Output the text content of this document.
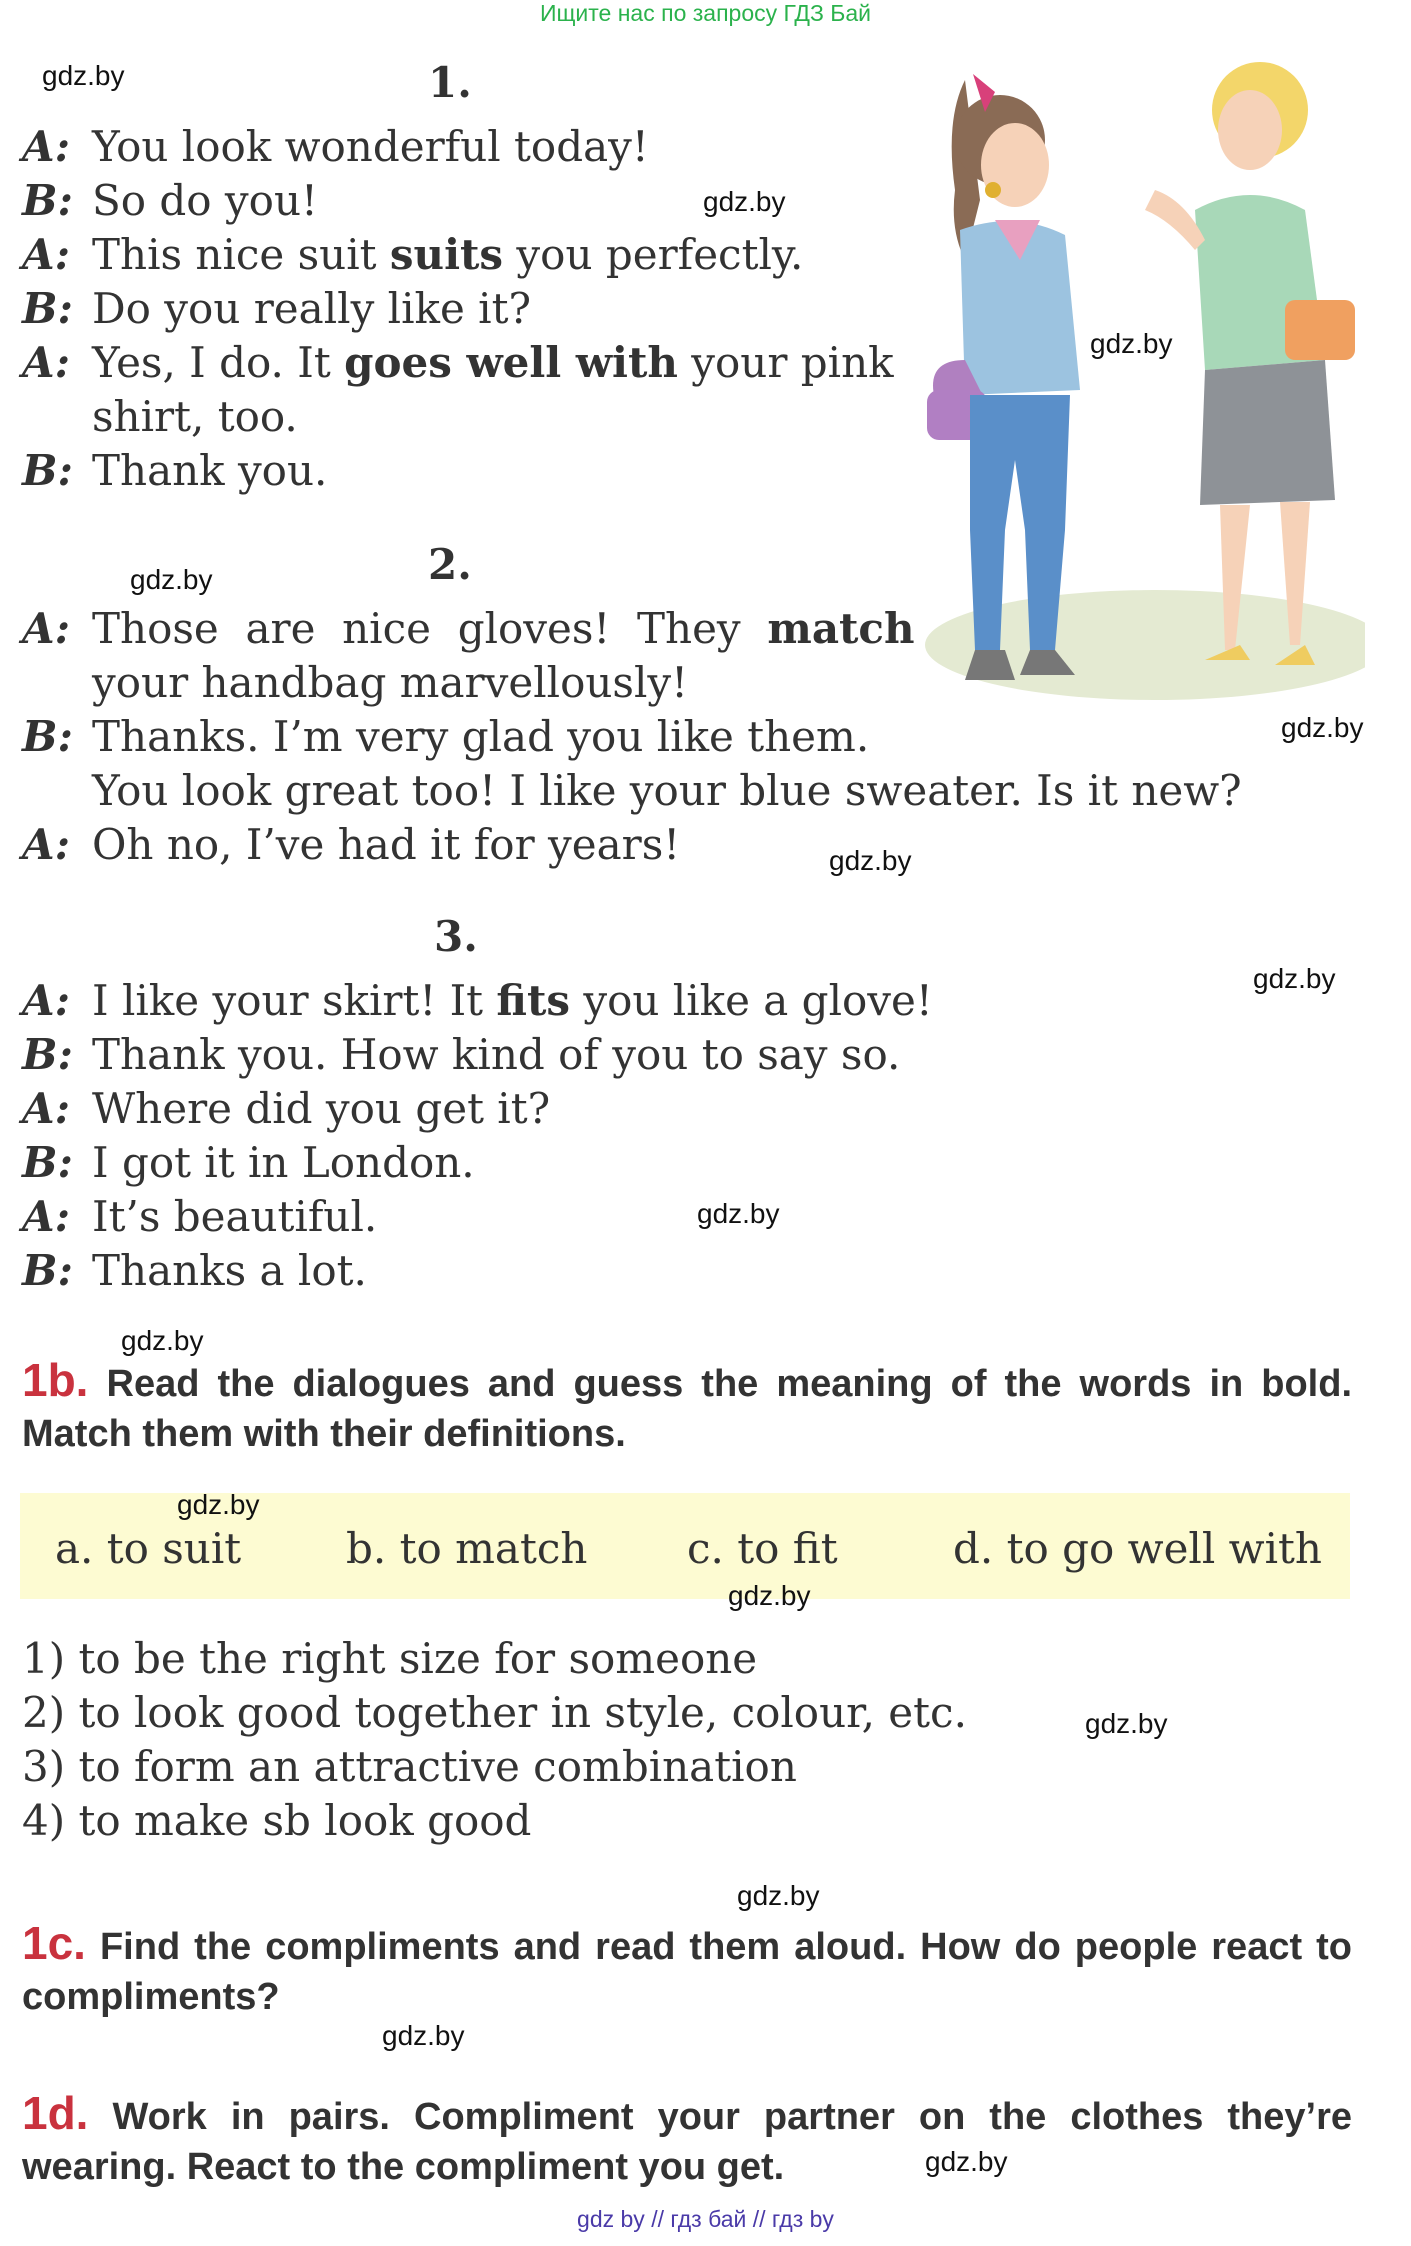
Ищите нас по запросу ГДЗ Бай
gdz.by
gdz.by
gdz.by
gdz.by
gdz.by
gdz.by
gdz.by
gdz.by
gdz.by
gdz.by
gdz.by
gdz.by
gdz.by
gdz.by
gdz.by
1.
A: You look wonderful today!
B: So do you!
A: This nice suit suits you perfectly.
B: Do you really like it?
A: Yes, I do. It goes well with your pink
shirt, too.
B: Thank you.
2.
A: Those  are  nice  gloves!  They  match
your handbag marvellously!
B: Thanks. I’m very glad you like them.
You look great too! I like your blue sweater. Is it new?
A: Oh no, I’ve had it for years!
3.
A: I like your skirt! It fits you like a glove!
B: Thank you. How kind of you to say so.
A: Where did you get it?
B: I got it in London.
A: It’s beautiful.
B: Thanks a lot.
1b. Read the dialogues and guess the meaning of the words in bold. Match them with their definitions.
a. to suit b. to match c. to fit	d. to go well with
1) to be the right size for someone
2) to look good together in style, colour, etc.
3) to form an attractive combination
4) to make sb look good
1c. Find the compliments and read them aloud. How do people react to compliments?
1d. Work in pairs. Compliment your partner on the clothes they’re wearing. React to the compliment you get.
gdz by // гдз бай // гдз by
